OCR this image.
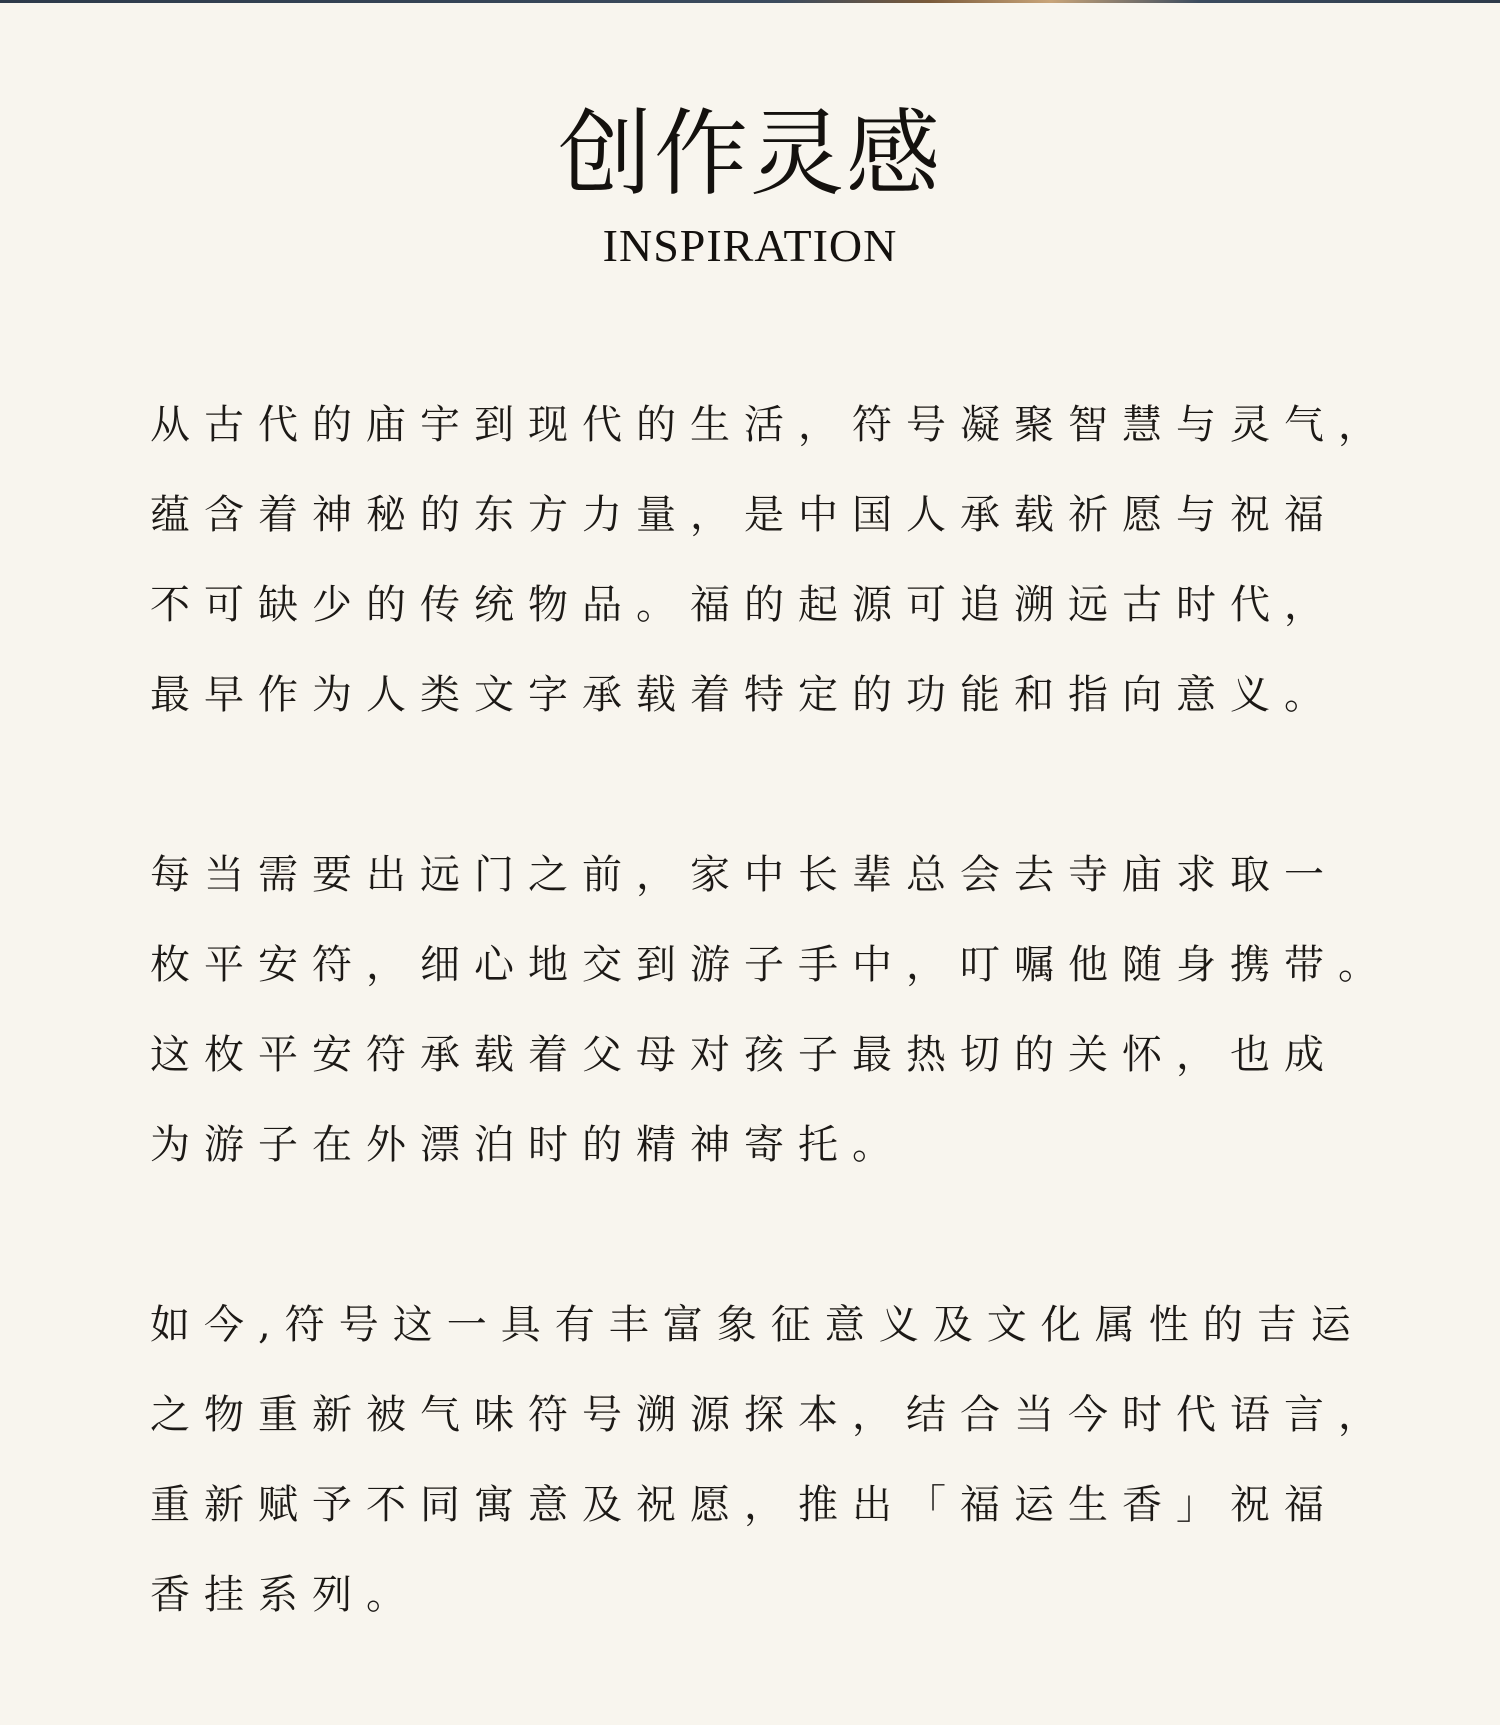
创作灵感
INSPIRATION
从古代的庙宇到现代的生活，符号凝聚智慧与灵气，
蕴含着神秘的东方力量，是中国人承载祈愿与祝福
不可缺少的传统物品。福的起源可追溯远古时代，
最早作为人类文字承载着特定的功能和指向意义。
每当需要出远门之前，家中长辈总会去寺庙求取一
枚平安符，细心地交到游子手中，叮嘱他随身携带。
这枚平安符承载着父母对孩子最热切的关怀，也成
为游子在外漂泊时的精神寄托。
如今,符号这一具有丰富象征意义及文化属性的吉运
之物重新被气味符号溯源探本，结合当今时代语言，
重新赋予不同寓意及祝愿，推出「福运生香」祝福
香挂系列。
